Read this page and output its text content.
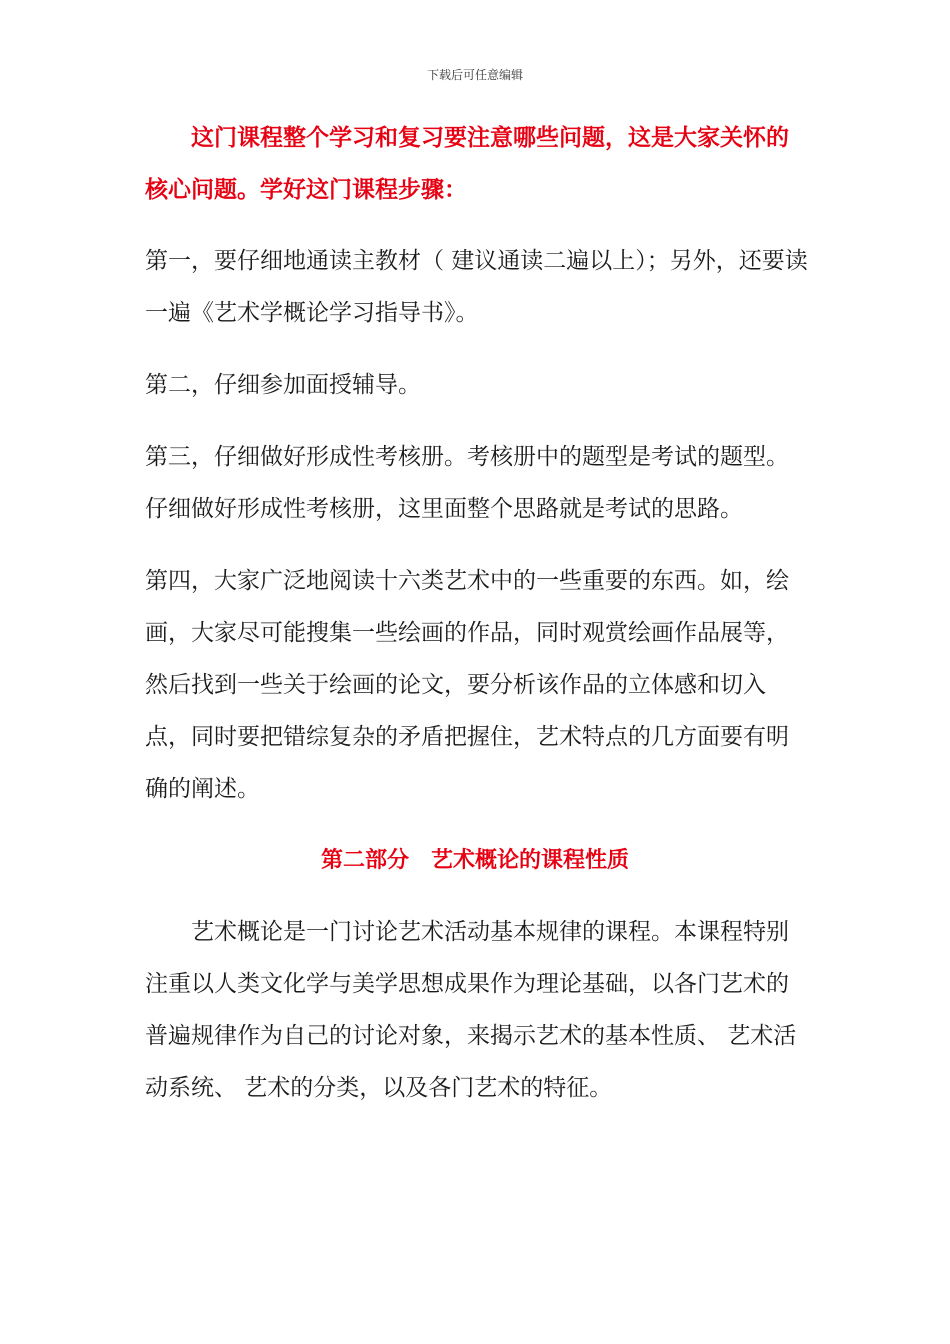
下载后可任意编辑

这门课程整个学习和复习要注意哪些问题，这是大家关怀的核心问题。学好这门课程步骤：

第一，要仔细地通读主教材（ 建议通读二遍以上）；另外，还要读一遍《艺术学概论学习指导书》。

第二，仔细参加面授辅导。

第三，仔细做好形成性考核册。考核册中的题型是考试的题型。仔细做好形成性考核册，这里面整个思路就是考试的思路。

第四，大家广泛地阅读十六类艺术中的一些重要的东西。如，绘画，大家尽可能搜集一些绘画的作品，同时观赏绘画作品展等，然后找到一些关于绘画的论文，要分析该作品的立体感和切入点，同时要把错综复杂的矛盾把握住，艺术特点的几方面要有明确的阐述。

第二部分　艺术概论的课程性质

艺术概论是一门讨论艺术活动基本规律的课程。本课程特别注重以人类文化学与美学思想成果作为理论基础，以各门艺术的普遍规律作为自己的讨论对象，来揭示艺术的基本性质、 艺术活动系统、 艺术的分类，以及各门艺术的特征。
